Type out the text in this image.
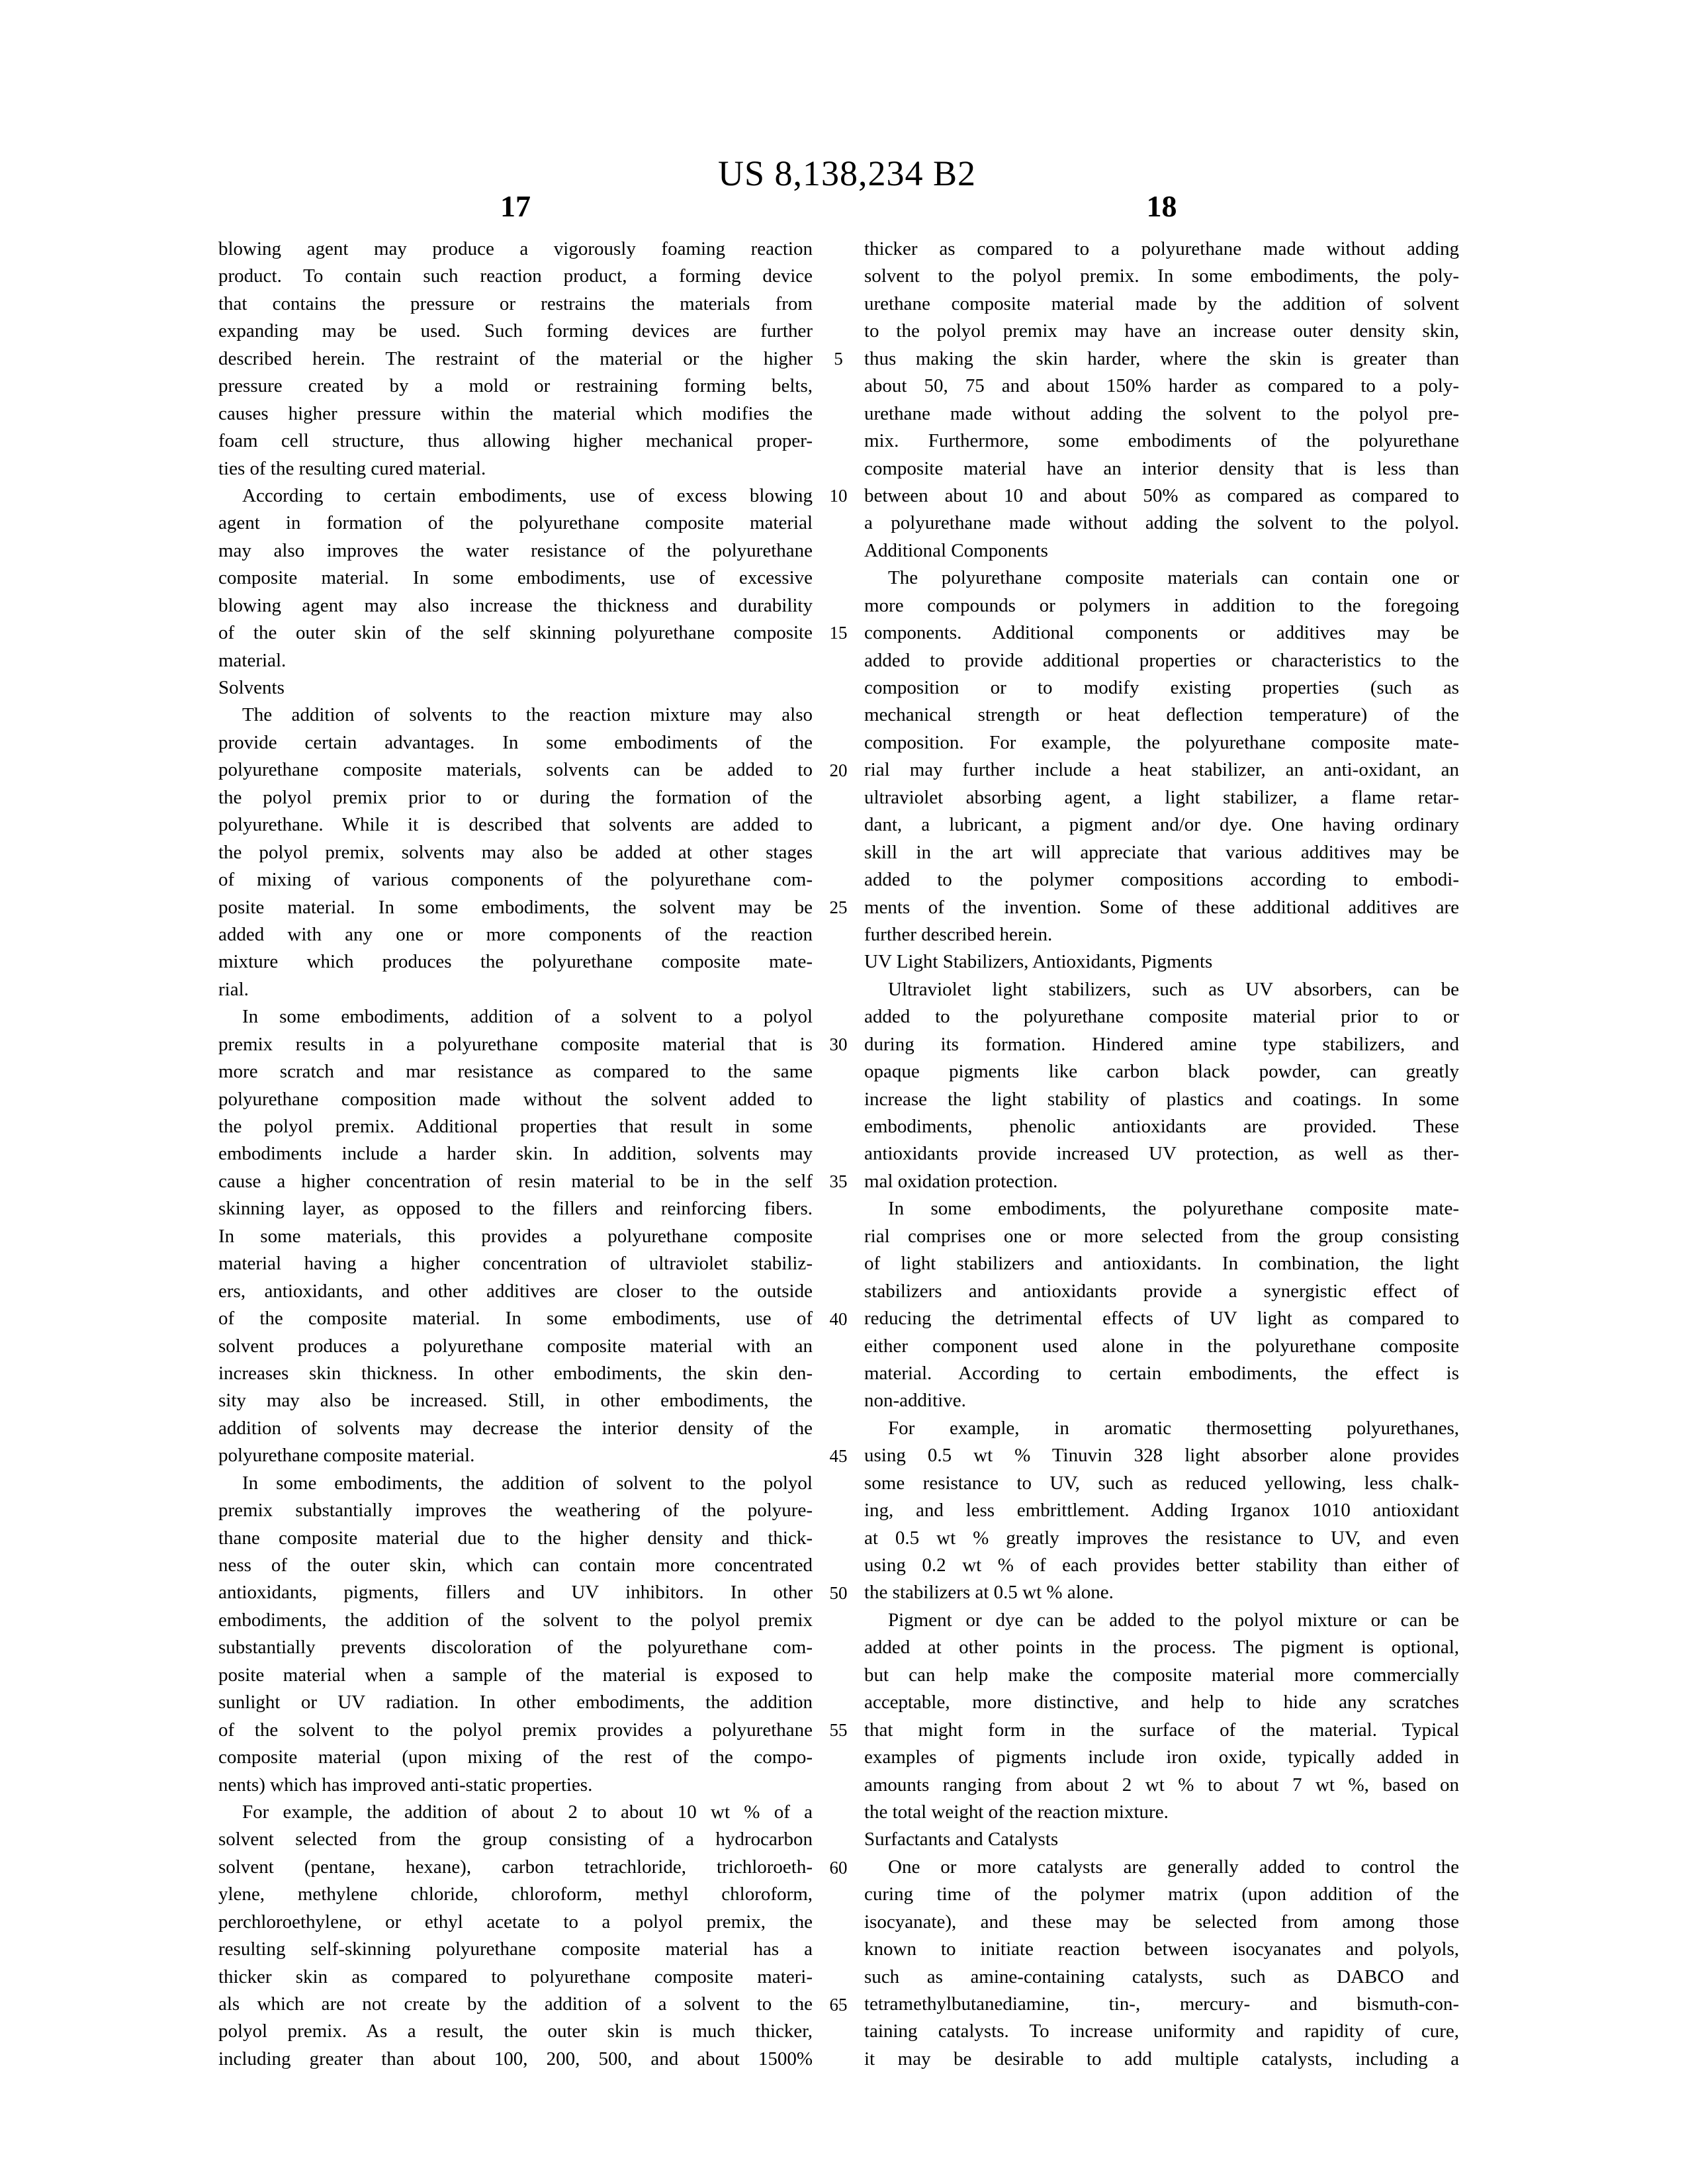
US 8,138,234 B2
17	18
blowing agent may produce a vigorously foaming reaction
product. To contain such reaction product, a forming device
that contains the pressure or restrains the materials from
expanding may be used. Such forming devices are further
described herein. The restraint of the material or the higher
pressure created by a mold or restraining forming belts,
causes higher pressure within the material which modifies the
foam cell structure, thus allowing higher mechanical proper-
ties of the resulting cured material.
According to certain embodiments, use of excess blowing
agent in formation of the polyurethane composite material
may also improves the water resistance of the polyurethane
composite material. In some embodiments, use of excessive
blowing agent may also increase the thickness and durability
of the outer skin of the self skinning polyurethane composite
material.
Solvents
The addition of solvents to the reaction mixture may also
provide certain advantages. In some embodiments of the
polyurethane composite materials, solvents can be added to
the polyol premix prior to or during the formation of the
polyurethane. While it is described that solvents are added to
the polyol premix, solvents may also be added at other stages
of mixing of various components of the polyurethane com-
posite material. In some embodiments, the solvent may be
added with any one or more components of the reaction
mixture which produces the polyurethane composite mate-
rial.
In some embodiments, addition of a solvent to a polyol
premix results in a polyurethane composite material that is
more scratch and mar resistance as compared to the same
polyurethane composition made without the solvent added to
the polyol premix. Additional properties that result in some
embodiments include a harder skin. In addition, solvents may
cause a higher concentration of resin material to be in the self
skinning layer, as opposed to the fillers and reinforcing fibers.
In some materials, this provides a polyurethane composite
material having a higher concentration of ultraviolet stabiliz-
ers, antioxidants, and other additives are closer to the outside
of the composite material. In some embodiments, use of
solvent produces a polyurethane composite material with an
increases skin thickness. In other embodiments, the skin den-
sity may also be increased. Still, in other embodiments, the
addition of solvents may decrease the interior density of the
polyurethane composite material.
In some embodiments, the addition of solvent to the polyol
premix substantially improves the weathering of the polyure-
thane composite material due to the higher density and thick-
ness of the outer skin, which can contain more concentrated
antioxidants, pigments, fillers and UV inhibitors. In other
embodiments, the addition of the solvent to the polyol premix
substantially prevents discoloration of the polyurethane com-
posite material when a sample of the material is exposed to
sunlight or UV radiation. In other embodiments, the addition
of the solvent to the polyol premix provides a polyurethane
composite material (upon mixing of the rest of the compo-
nents) which has improved anti-static properties.
For example, the addition of about 2 to about 10 wt % of a
solvent selected from the group consisting of a hydrocarbon
solvent (pentane, hexane), carbon tetrachloride, trichloroeth-
ylene, methylene chloride, chloroform, methyl chloroform,
perchloroethylene, or ethyl acetate to a polyol premix, the
resulting self-skinning polyurethane composite material has a
thicker skin as compared to polyurethane composite materi-
als which are not create by the addition of a solvent to the
polyol premix. As a result, the outer skin is much thicker,
including greater than about 100, 200, 500, and about 1500%
5
10
15
20
25
30
35
40
45
50
55
60
65
thicker as compared to a polyurethane made without adding
solvent to the polyol premix. In some embodiments, the poly-
urethane composite material made by the addition of solvent
to the polyol premix may have an increase outer density skin,
thus making the skin harder, where the skin is greater than
about 50, 75 and about 150% harder as compared to a poly-
urethane made without adding the solvent to the polyol pre-
mix. Furthermore, some embodiments of the polyurethane
composite material have an interior density that is less than
between about 10 and about 50% as compared as compared to
a polyurethane made without adding the solvent to the polyol.
Additional Components
The polyurethane composite materials can contain one or
more compounds or polymers in addition to the foregoing
components. Additional components or additives may be
added to provide additional properties or characteristics to the
composition or to modify existing properties (such as
mechanical strength or heat deflection temperature) of the
composition. For example, the polyurethane composite mate-
rial may further include a heat stabilizer, an anti-oxidant, an
ultraviolet absorbing agent, a light stabilizer, a flame retar-
dant, a lubricant, a pigment and/or dye. One having ordinary
skill in the art will appreciate that various additives may be
added to the polymer compositions according to embodi-
ments of the invention. Some of these additional additives are
further described herein.
UV Light Stabilizers, Antioxidants, Pigments
Ultraviolet light stabilizers, such as UV absorbers, can be
added to the polyurethane composite material prior to or
during its formation. Hindered amine type stabilizers, and
opaque pigments like carbon black powder, can greatly
increase the light stability of plastics and coatings. In some
embodiments, phenolic antioxidants are provided. These
antioxidants provide increased UV protection, as well as ther-
mal oxidation protection.
In some embodiments, the polyurethane composite mate-
rial comprises one or more selected from the group consisting
of light stabilizers and antioxidants. In combination, the light
stabilizers and antioxidants provide a synergistic effect of
reducing the detrimental effects of UV light as compared to
either component used alone in the polyurethane composite
material. According to certain embodiments, the effect is
non-additive.
For example, in aromatic thermosetting polyurethanes,
using 0.5 wt % Tinuvin 328 light absorber alone provides
some resistance to UV, such as reduced yellowing, less chalk-
ing, and less embrittlement. Adding Irganox 1010 antioxidant
at 0.5 wt % greatly improves the resistance to UV, and even
using 0.2 wt % of each provides better stability than either of
the stabilizers at 0.5 wt % alone.
Pigment or dye can be added to the polyol mixture or can be
added at other points in the process. The pigment is optional,
but can help make the composite material more commercially
acceptable, more distinctive, and help to hide any scratches
that might form in the surface of the material. Typical
examples of pigments include iron oxide, typically added in
amounts ranging from about 2 wt % to about 7 wt %, based on
the total weight of the reaction mixture.
Surfactants and Catalysts
One or more catalysts are generally added to control the
curing time of the polymer matrix (upon addition of the
isocyanate), and these may be selected from among those
known to initiate reaction between isocyanates and polyols,
such as amine-containing catalysts, such as DABCO and
tetramethylbutanediamine, tin-, mercury- and bismuth-con-
taining catalysts. To increase uniformity and rapidity of cure,
it may be desirable to add multiple catalysts, including a
